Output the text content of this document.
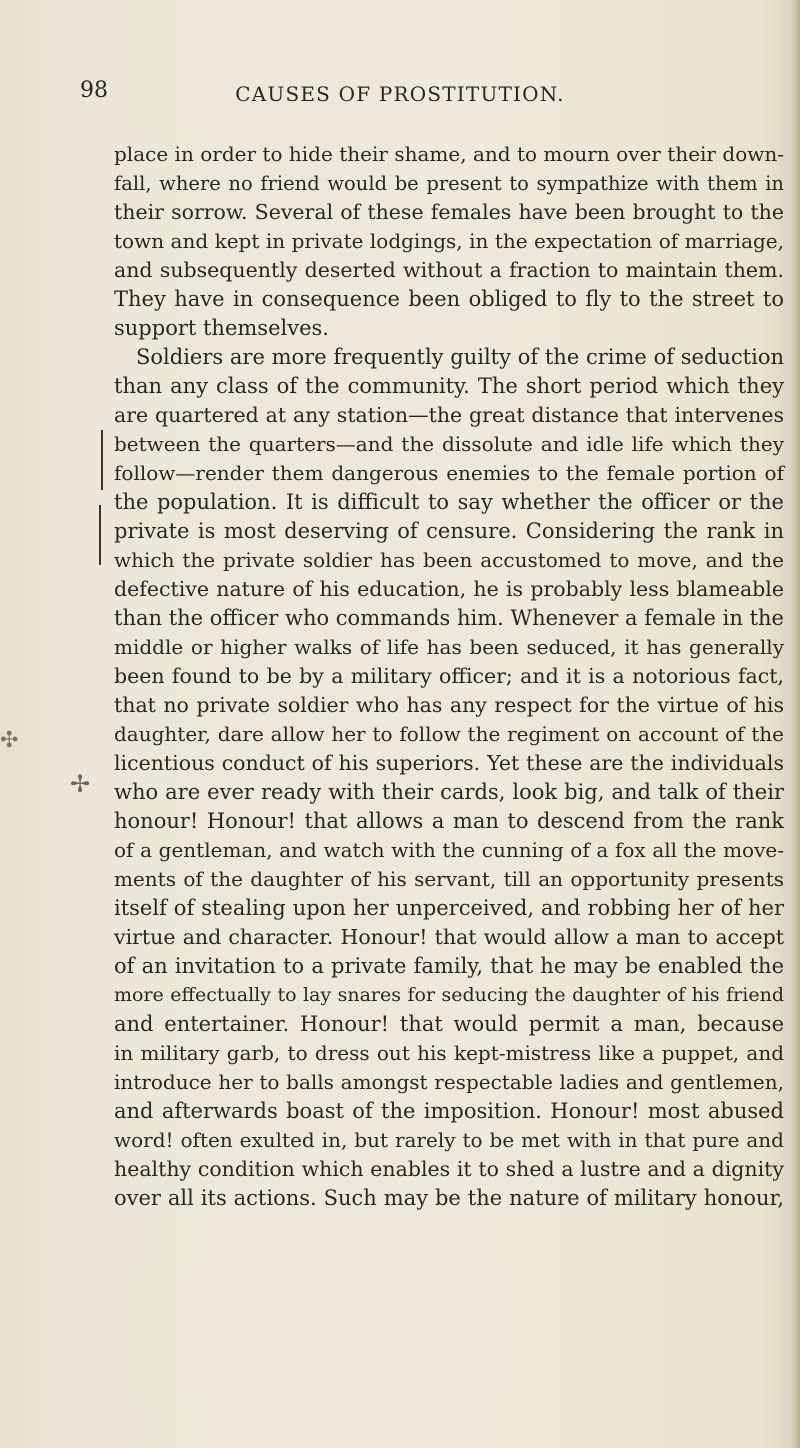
98	CAUSES OF PROSTITUTION.
✣
✢
place in order to hide their shame, and to mourn over their down-
fall, where no friend would be present to sympathize with them in
their sorrow. Several of these females have been brought to the
town and kept in private lodgings, in the expectation of marriage,
and subsequently deserted without a fraction to maintain them.
They have in consequence been obliged to fly to the street to
support themselves.
Soldiers are more frequently guilty of the crime of seduction
than any class of the community. The short period which they
are quartered at any station—the great distance that intervenes
between the quarters—and the dissolute and idle life which they
follow—render them dangerous enemies to the female portion of
the population. It is difficult to say whether the officer or the
private is most deserving of censure. Considering the rank in
which the private soldier has been accustomed to move, and the
defective nature of his education, he is probably less blameable
than the officer who commands him. Whenever a female in the
middle or higher walks of life has been seduced, it has generally
been found to be by a military officer; and it is a notorious fact,
that no private soldier who has any respect for the virtue of his
daughter, dare allow her to follow the regiment on account of the
licentious conduct of his superiors. Yet these are the individuals
who are ever ready with their cards, look big, and talk of their
honour! Honour! that allows a man to descend from the rank
of a gentleman, and watch with the cunning of a fox all the move-
ments of the daughter of his servant, till an opportunity presents
itself of stealing upon her unperceived, and robbing her of her
virtue and character. Honour! that would allow a man to accept
of an invitation to a private family, that he may be enabled the
more effectually to lay snares for seducing the daughter of his friend
and entertainer. Honour! that would permit a man, because
in military garb, to dress out his kept-mistress like a puppet, and
introduce her to balls amongst respectable ladies and gentlemen,
and afterwards boast of the imposition. Honour! most abused
word! often exulted in, but rarely to be met with in that pure and
healthy condition which enables it to shed a lustre and a dignity
over all its actions. Such may be the nature of military honour,
